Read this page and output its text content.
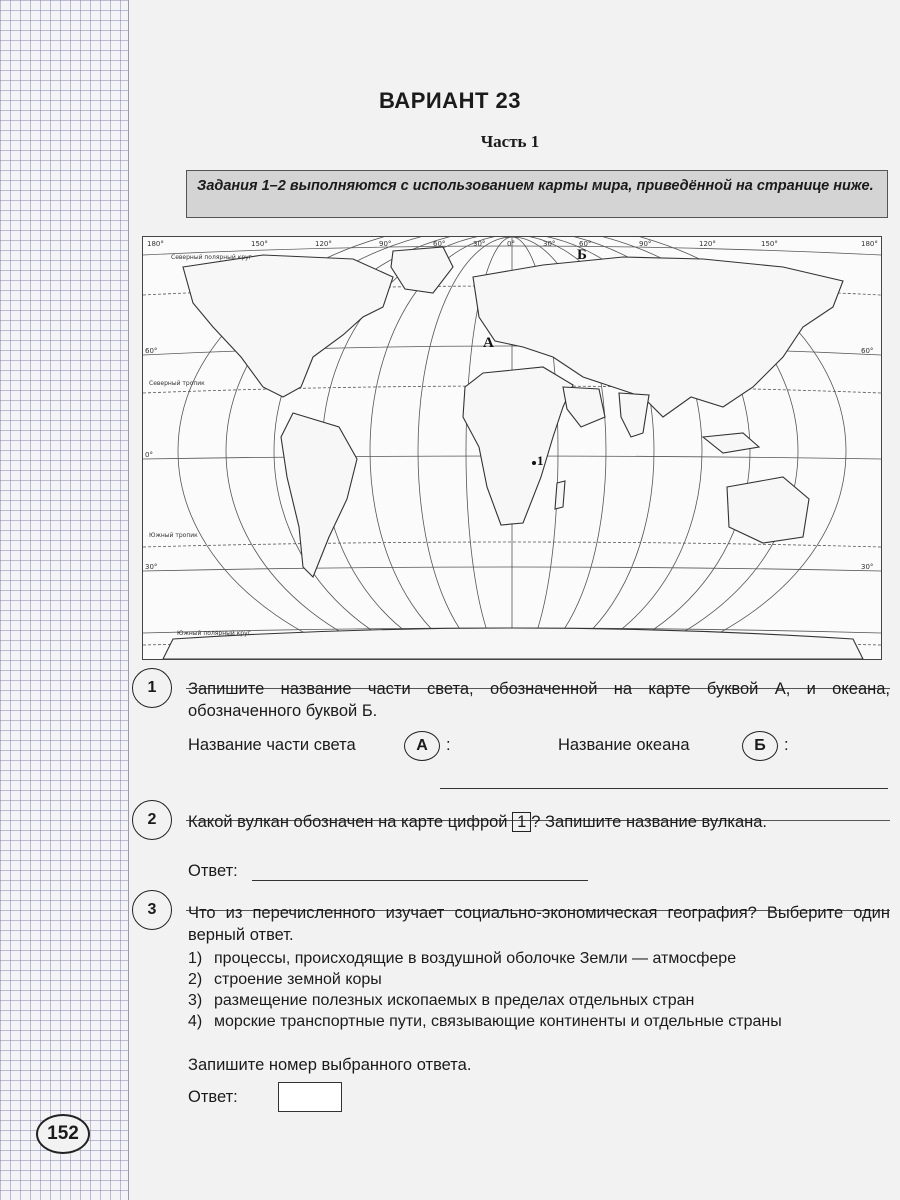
ВАРИАНТ 23
Часть 1
Задания 1–2 выполняются с использованием карты мира, приведённой на странице ниже.
180°	150°	120°	90°	60°	30°	0°	30°	60°	90°	120°	150°	180°
60°	60°
0°
30°	30°
Северный полярный круг
Северный тропик
Южный тропик
Южный полярный круг
А
Б
1
1	Запишите название части света, обозначенной на карте буквой А, и океана, обозначенного буквой Б.
Название части света	А	:	Название океана	Б	:
2	Какой вулкан обозначен на карте цифрой 1 ? Запишите название вулкана.
Ответ:
3	Что из перечисленного изучает социально-экономическая география? Выберите один верный ответ.
1) процессы, происходящие в воздушной оболочке Земли — атмосфере
2) строение земной коры
3) размещение полезных ископаемых в пределах отдельных стран
4) морские транспортные пути, связывающие континенты и отдельные страны
Запишите номер выбранного ответа.
Ответ:
152
